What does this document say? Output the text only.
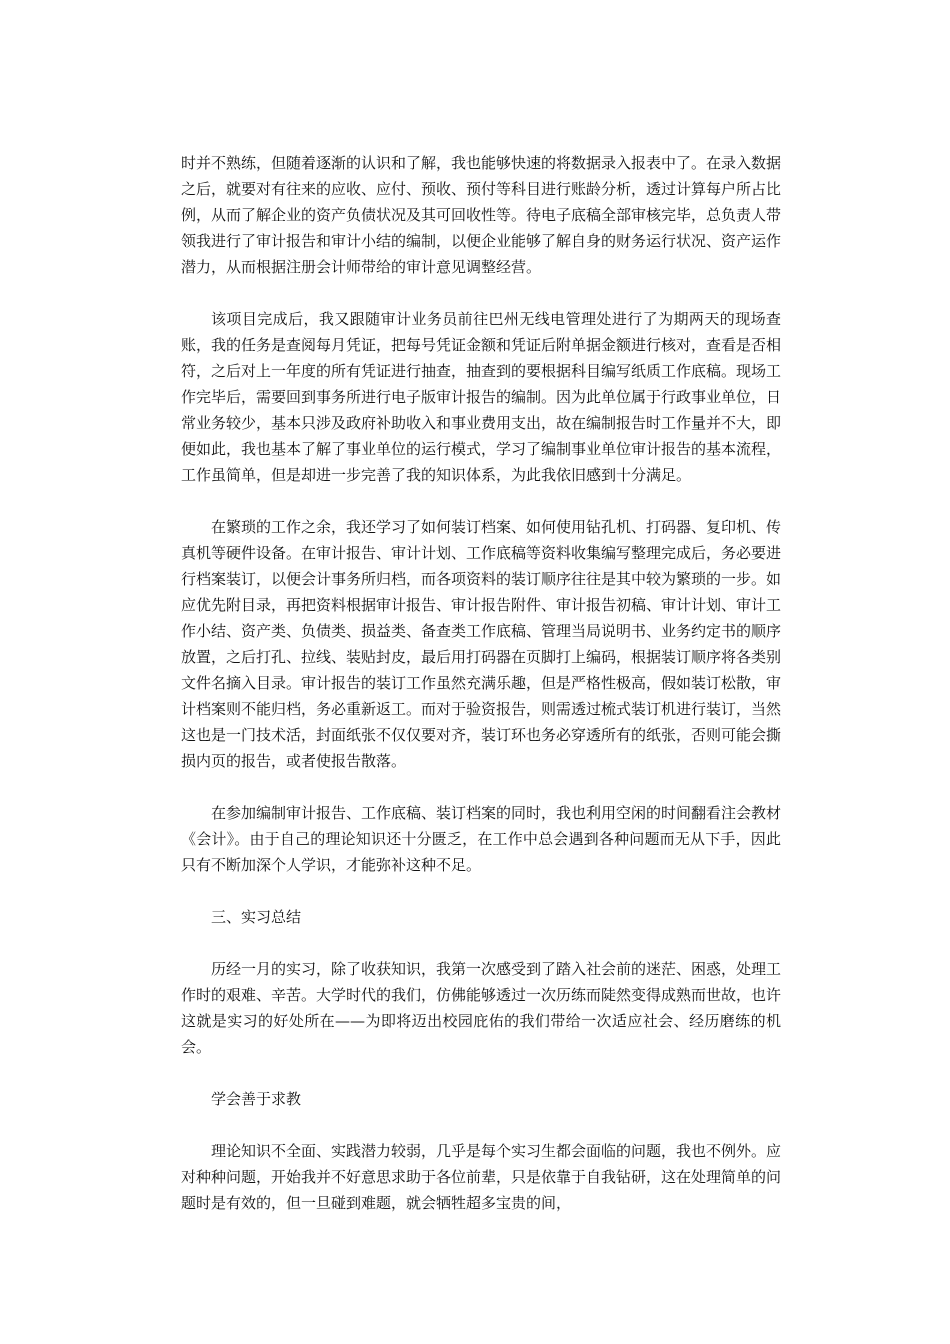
时并不熟练，但随着逐渐的认识和了解，我也能够快速的将数据录入报表中了。在录入数据之后，就要对有往来的应收、应付、预收、预付等科目进行账龄分析，透过计算每户所占比例，从而了解企业的资产负债状况及其可回收性等。待电子底稿全部审核完毕，总负责人带领我进行了审计报告和审计小结的编制，以便企业能够了解自身的财务运行状况、资产运作潜力，从而根据注册会计师带给的审计意见调整经营。

该项目完成后，我又跟随审计业务员前往巴州无线电管理处进行了为期两天的现场查账，我的任务是查阅每月凭证，把每号凭证金额和凭证后附单据金额进行核对，查看是否相符，之后对上一年度的所有凭证进行抽查，抽查到的要根据科目编写纸质工作底稿。现场工作完毕后，需要回到事务所进行电子版审计报告的编制。因为此单位属于行政事业单位，日常业务较少，基本只涉及政府补助收入和事业费用支出，故在编制报告时工作量并不大，即便如此，我也基本了解了事业单位的运行模式，学习了编制事业单位审计报告的基本流程，工作虽简单，但是却进一步完善了我的知识体系，为此我依旧感到十分满足。

在繁琐的工作之余，我还学习了如何装订档案、如何使用钻孔机、打码器、复印机、传真机等硬件设备。在审计报告、审计计划、工作底稿等资料收集编写整理完成后，务必要进行档案装订，以便会计事务所归档，而各项资料的装订顺序往往是其中较为繁琐的一步。如应优先附目录，再把资料根据审计报告、审计报告附件、审计报告初稿、审计计划、审计工作小结、资产类、负债类、损益类、备查类工作底稿、管理当局说明书、业务约定书的顺序放置，之后打孔、拉线、装贴封皮，最后用打码器在页脚打上编码，根据装订顺序将各类别文件名摘入目录。审计报告的装订工作虽然充满乐趣，但是严格性极高，假如装订松散，审计档案则不能归档，务必重新返工。而对于验资报告，则需透过梳式装订机进行装订，当然这也是一门技术活，封面纸张不仅仅要对齐，装订环也务必穿透所有的纸张，否则可能会撕损内页的报告，或者使报告散落。

在参加编制审计报告、工作底稿、装订档案的同时，我也利用空闲的时间翻看注会教材《会计》。由于自己的理论知识还十分匮乏，在工作中总会遇到各种问题而无从下手，因此只有不断加深个人学识，才能弥补这种不足。

三、实习总结

历经一月的实习，除了收获知识，我第一次感受到了踏入社会前的迷茫、困惑，处理工作时的艰难、辛苦。大学时代的我们，仿佛能够透过一次历练而陡然变得成熟而世故，也许这就是实习的好处所在——为即将迈出校园庇佑的我们带给一次适应社会、经历磨练的机会。

学会善于求教

理论知识不全面、实践潜力较弱，几乎是每个实习生都会面临的问题，我也不例外。应对种种问题，开始我并不好意思求助于各位前辈，只是依靠于自我钻研，这在处理简单的问题时是有效的，但一旦碰到难题，就会牺牲超多宝贵的间，
